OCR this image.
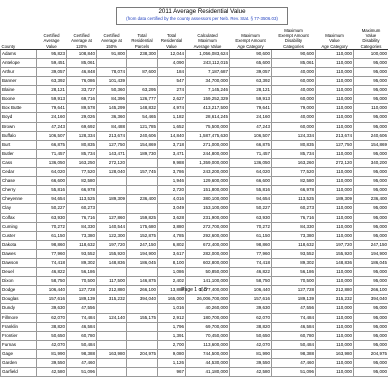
2011 Average Residential Value
(from data certified by the county assessors per Neb. Rev. Stat. § 77-3506.03)
								Maximum		Maximum
	Certified	Certified	Certified	Total	Total	Calculated	Maximum	Exempt Amount	Maximum	Value
	Average	Average at	Average at	Residential	Residential	Maximum	Exempt Amount	Disability	Value	Disability
County	Value	120%	150%	Parcels	Value	Average Value	Age Category	Categories	Age Category	Categories
Adams	95,823	108,840	91,800	238,300	12,044	1,056,083,624	90,600	90,600	110,000	100,000
Antelope	59,451	85,061			4,090	243,112,015	65,600	85,061	110,000	95,000
Arthur	39,057	46,848	78,074	87,600	184	7,187,687	39,057	40,000	110,000	95,000
Banner	63,392	76,086	101,439		547	34,700,000	63,392	60,000	110,000	95,000
Blaine	28,121	33,727	50,360	63,295	274	7,145,246	28,121	40,000	110,000	95,000
Boone	59,913	69,716	84,396	126,777	2,627	159,252,329	59,913	60,000	110,000	95,000
Box Butte	79,641	89,578	145,299	148,832	4,974	413,217,500	79,641	79,000	110,000	110,000
Boyd	24,160	29,026	36,360	54,465	1,182	28,614,245	24,160	40,000	110,000	95,000
Brown	47,243	69,692	84,488	121,785	1,652	75,500,000	47,243	60,000	110,000	95,000
Buffalo	106,507	128,334	213,674	240,606	14,840	1,587,475,630	106,507	124,334	213,674	240,606
Burt	66,875	80,835	127,750	154,869	3,718	271,000,000	66,875	80,835	127,750	154,869
Butler	71,457	85,734	143,471	189,730	3,471	244,800,000	71,457	85,734	110,000	95,000
Cass	136,050	163,250	272,120		9,988	1,359,000,000	136,050	163,260	272,120	340,200
Cedar	64,020	77,520	128,040	157,745	3,786	243,200,000	64,020	77,520	110,000	95,000
Chase	66,600	82,580			1,946	129,600,000	66,600	82,580	110,000	95,000
Cherry	55,816	66,978			2,720	151,800,000	55,816	66,978	110,000	95,000
Cheyenne	94,654	113,525	189,309	236,400	4,016	380,100,000	94,654	113,525	189,309	236,400
Clay	50,227	60,273			3,049	153,100,000	50,227	60,273	110,000	95,000
Colfax	63,930	76,716	127,860	159,825	3,628	231,900,000	63,930	76,716	110,000	95,000
Cuming	70,272	84,330	140,544	175,680	3,880	272,700,000	70,272	84,330	110,000	95,000
Custer	61,150	73,380	122,300	152,875	4,785	292,600,000	61,150	73,380	110,000	95,000
Dakota	98,860	118,632	197,720	247,150	6,802	672,400,000	98,860	118,632	197,720	247,150
Dawes	77,960	93,552	155,920	194,900	3,617	282,000,000	77,960	93,552	155,920	194,900
Dawson	74,418	89,302	148,836	186,045	8,100	602,800,000	74,418	89,302	148,836	186,045
Deuel	46,822	56,186			1,086	50,850,000	46,822	56,186	110,000	95,000
Dixon	58,750	70,500	117,500	146,875	2,402	141,100,000	58,750	70,500	110,000	95,000
Dodge	106,440	127,728	212,880	266,100	13,880	1,477,400,000	106,440	127,728	212,880	266,100
Douglas	157,616	189,139	315,232	394,040	165,000	26,006,700,000	157,616	189,139	315,232	394,040
Dundy	39,630	47,556			1,016	40,260,000	39,630	47,556	110,000	95,000
Fillmore	62,070	74,484	124,140	155,175	2,912	180,700,000	62,070	74,484	110,000	95,000
Franklin	38,820	46,584			1,796	69,700,000	38,820	46,584	110,000	95,000
Frontier	50,650	60,780			1,391	70,450,000	50,650	60,780	110,000	95,000
Furnas	42,070	50,484			2,700	113,600,000	42,070	50,484	110,000	95,000
Gage	81,990	98,388	163,980	204,975	9,080	744,500,000	81,990	98,388	163,980	204,975
Garden	39,550	47,460			1,126	44,530,000	39,550	47,460	110,000	95,000
Garfield	42,580	51,096			967	41,180,000	42,580	51,096	110,000	95,000
Page 1 of 3
